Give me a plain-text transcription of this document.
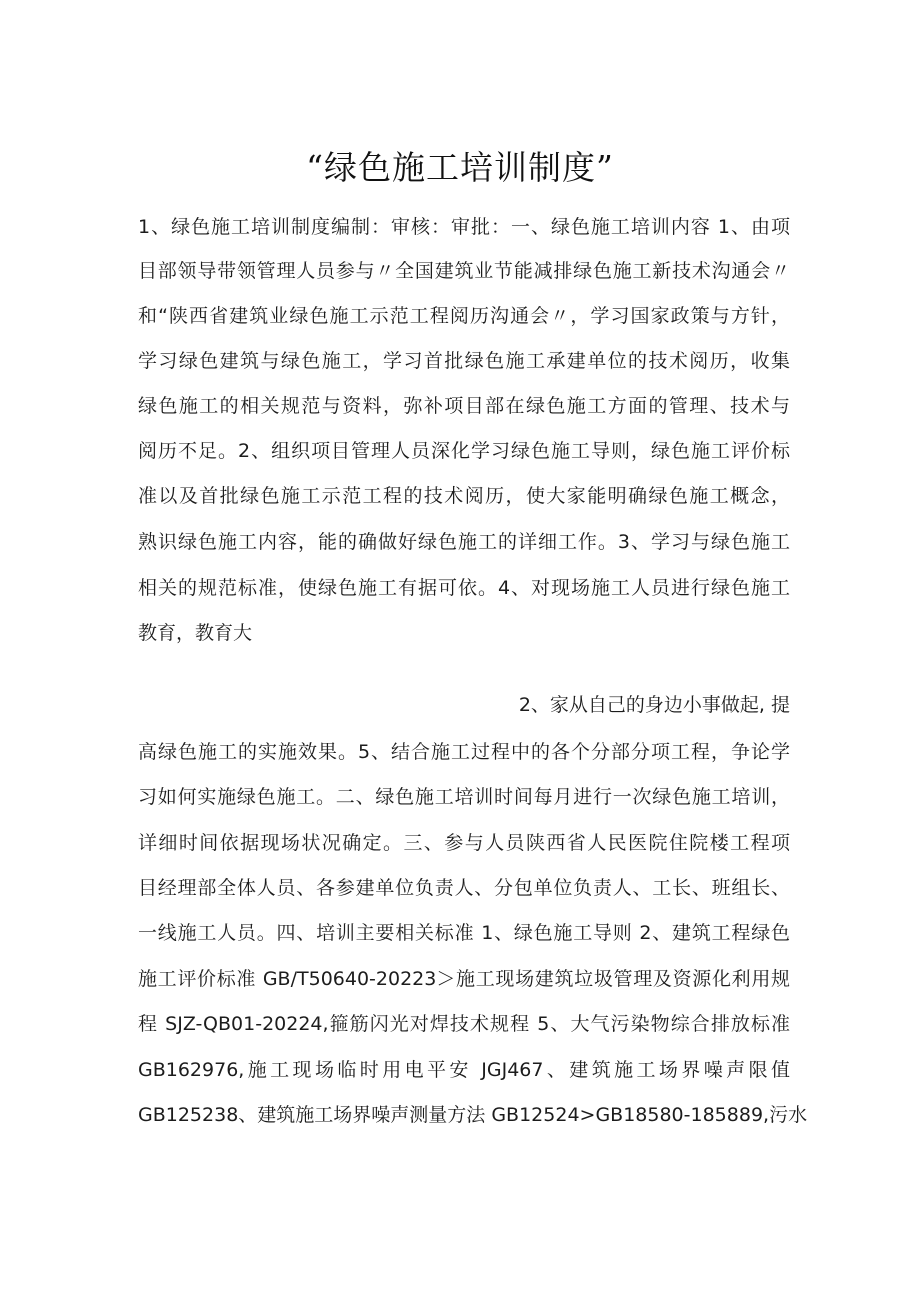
“绿色施工培训制度”
1、绿色施工培训制度编制：审核：审批：一、绿色施工培训内容 1、由项
目部领导带领管理人员参与〃全国建筑业节能减排绿色施工新技术沟通会〃
和“陕西省建筑业绿色施工示范工程阅历沟通会〃，学习国家政策与方针，
学习绿色建筑与绿色施工，学习首批绿色施工承建单位的技术阅历，收集
绿色施工的相关规范与资料，弥补项目部在绿色施工方面的管理、技术与
阅历不足。2、组织项目管理人员深化学习绿色施工导则，绿色施工评价标
准以及首批绿色施工示范工程的技术阅历，使大家能明确绿色施工概念，
熟识绿色施工内容，能的确做好绿色施工的详细工作。3、学习与绿色施工
相关的规范标准，使绿色施工有据可依。4、对现场施工人员进行绿色施工
教育，教育大
2、家从自己的身边小事做起, 提
高绿色施工的实施效果。5、结合施工过程中的各个分部分项工程，争论学
习如何实施绿色施工。二、绿色施工培训时间每月进行一次绿色施工培训，
详细时间依据现场状况确定。三、参与人员陕西省人民医院住院楼工程项
目经理部全体人员、各参建单位负责人、分包单位负责人、工长、班组长、
一线施工人员。四、培训主要相关标准 1、绿色施工导则 2、建筑工程绿色
施工评价标准 GB/T50640-20223＞施工现场建筑垃圾管理及资源化利用规
程 SJZ-QB01-20224,箍筋闪光对焊技术规程 5、大气污染物综合排放标准
GB162976,施工现场临时用电平安 JGJ467、建筑施工场界噪声限值
GB125238、建筑施工场界噪声测量方法 GB12524>GB18580-185889,污水
